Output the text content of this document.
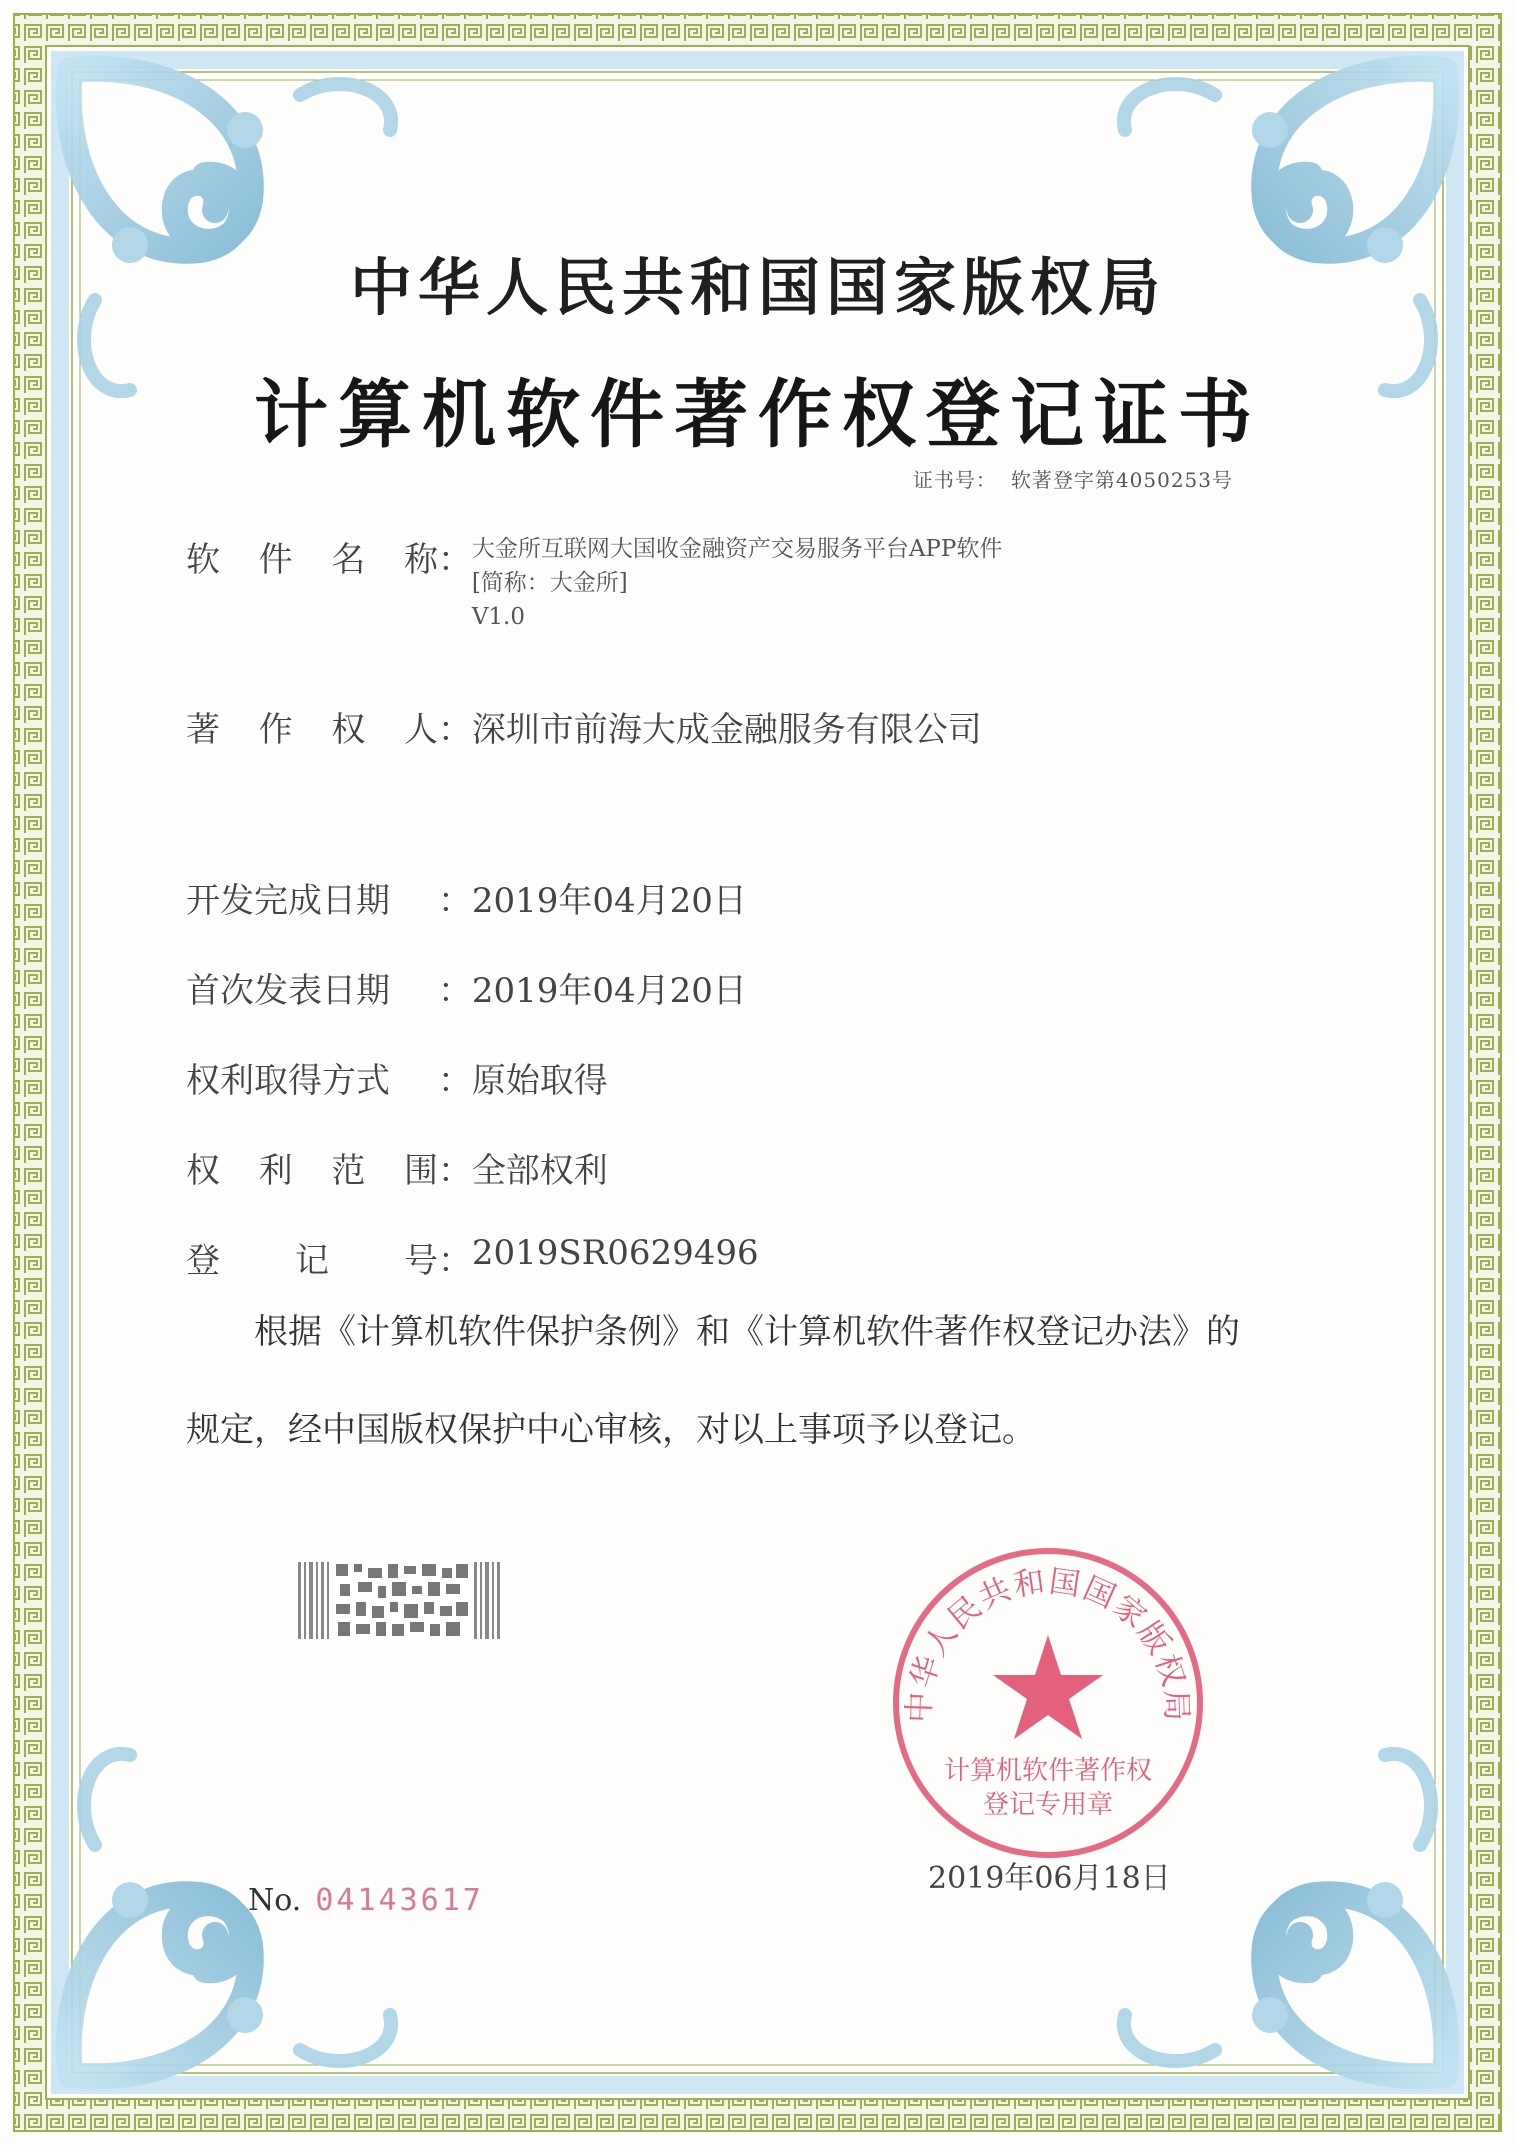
中华人民共和国国家版权局
计算机软件著作权登记证书
证书号： 软著登字第4050253号
软 件 名 称 ： 大金所互联网大国收金融资产交易服务平台APP软件
[简称：大金所]
V1.0
著 作 权 人 ： 深圳市前海大成金融服务有限公司
开发完成日期 ： 2019年04月20日
首次发表日期 ： 2019年04月20日
权利取得方式 ： 原始取得
权 利 范 围 ： 全部权利
登 记 号 ： 2019SR0629496
根据《计算机软件保护条例》和《计算机软件著作权登记办法》的
规定，经中国版权保护中心审核，对以上事项予以登记。
中华人民共和国国家版权局
计算机软件著作权
登记专用章
No. 04143617
2019年06月18日
